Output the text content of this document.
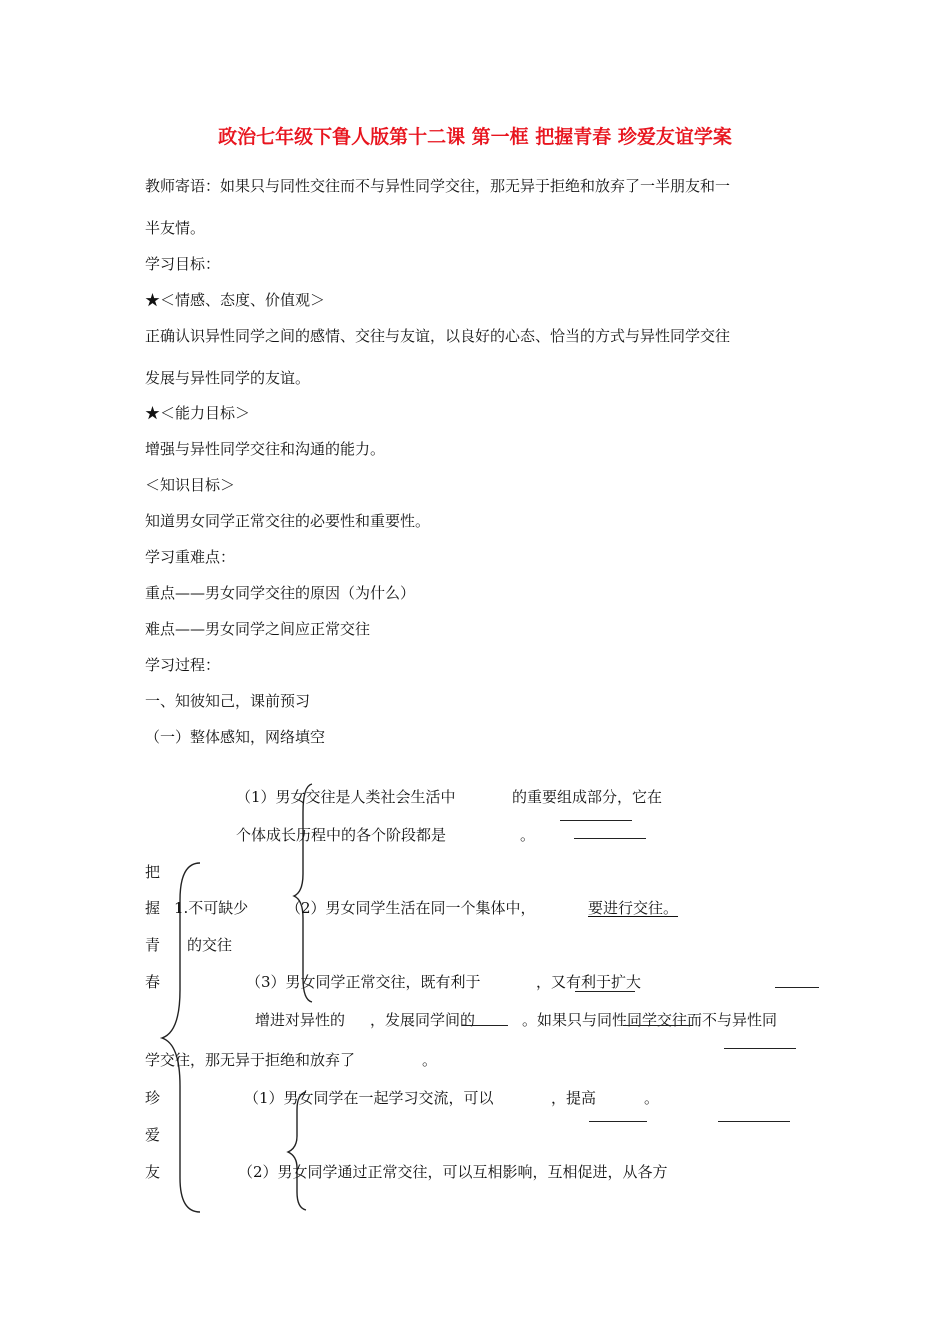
政治七年级下鲁人版第十二课 第一框 把握青春 珍爱友谊学案
教师寄语：如果只与同性交往而不与异性同学交往，那无异于拒绝和放弃了一半朋友和一
半友情。
学习目标：
★＜情感、态度、价值观＞
正确认识异性同学之间的感情、交往与友谊，以良好的心态、恰当的方式与异性同学交往
发展与异性同学的友谊。
★＜能力目标＞
增强与异性同学交往和沟通的能力。
＜知识目标＞
知道男女同学正常交往的必要性和重要性。
学习重难点：
重点——男女同学交往的原因（为什么）
难点——男女同学之间应正常交往
学习过程：
一、知彼知己，课前预习
（一）整体感知，网络填空
把
握
青
春
珍
爱
友
1.不可缺少
的交往
（1）男女交往是人类社会生活中	的重要组成部分，它在
个体成长历程中的各个阶段都是	。
（2）男女同学生活在同一个集体中，	要进行交往。
（3）男女同学正常交往，既有利于	，又有利于扩大
增进对异性的 ，发展同学间的	。如果只与同性同学交往而不与异性同
学交往，那无异于拒绝和放弃了	。
（1）男女同学在一起学习交流，可以	，提高	。
（2）男女同学通过正常交往，可以互相影响，互相促进，从各方
